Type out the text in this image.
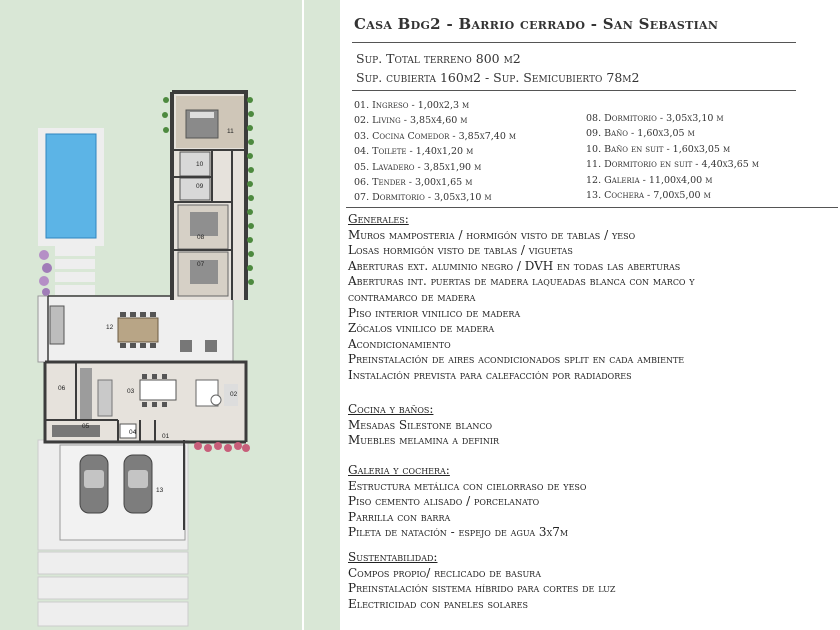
01
02
03
04
05
06
07
08
09
10
11
12
13
Casa Bdg2 - Barrio cerrado - San Sebastian
Sup. Total terreno 800 m2
Sup. cubierta 160m2 - Sup. Semicubierto 78m2
01. Ingreso - 1,00x2,3 m
02. Living - 3,85x4,60 m
03. Cocina Comedor - 3,85x7,40 m
04. Toilete - 1,40x1,20 m
05. Lavadero - 3,85x1,90 m
06. Tender - 3,00x1,65 m
07. Dormitorio - 3,05x3,10 m
08. Dormitorio - 3,05x3,10 m
09. Baño - 1,60x3,05 m
10. Baño en suit - 1,60x3,05 m
11. Dormitorio en suit - 4,40x3,65 m
12. Galeria - 11,00x4,00 m
13. Cochera - 7,00x5,00 m
Generales:
Muros mamposteria / hormigón visto de tablas / yeso
Losas hormigón visto de tablas / viguetas
Aberturas ext. aluminio negro / DVH en todas las aberturas
Aberturas int. puertas de madera laqueadas blanca con marco y
contramarco de madera
Piso interior vinilico de madera
Zócalos vinilico de madera
Acondicionamiento
Preinstalación de aires acondicionados split en cada ambiente
Instalación prevista para calefacción por radiadores
Cocina y baños:
Mesadas Silestone blanco
Muebles melamina a definir
Galeria y cochera:
Estructura metálica con cielorraso de yeso
Piso cemento alisado / porcelanato
Parrilla con barra
Pileta de natación - espejo de agua 3x7m
Sustentabilidad:
Compos propio/ reclicado de basura
Preinstalación sistema híbrido para cortes de luz
Electricidad con paneles solares
